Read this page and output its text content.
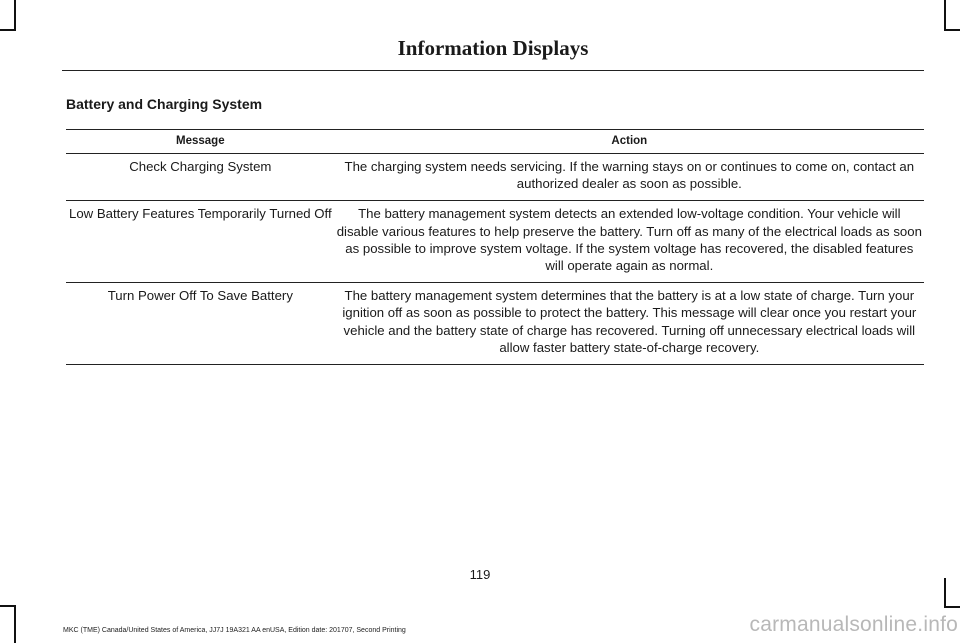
Information Displays
Battery and Charging System
Message	Action
Check Charging System	The charging system needs servicing. If the warning stays on or continues to come on, contact an authorized dealer as soon as possible.
Low Battery Features Temporarily Turned Off	The battery management system detects an extended low-voltage condition. Your vehicle will disable various features to help preserve the battery. Turn off as many of the electrical loads as soon as possible to improve system voltage. If the system voltage has recovered, the disabled features will operate again as normal.
Turn Power Off To Save Battery	The battery management system determines that the battery is at a low state of charge. Turn your ignition off as soon as possible to protect the battery. This message will clear once you restart your vehicle and the battery state of charge has recovered. Turning off unnecessary electrical loads will allow faster battery state-of-charge recovery.
119
MKC (TME) Canada/United States of America, JJ7J 19A321 AA enUSA, Edition date: 201707, Second Printing	carmanualsonline.info
